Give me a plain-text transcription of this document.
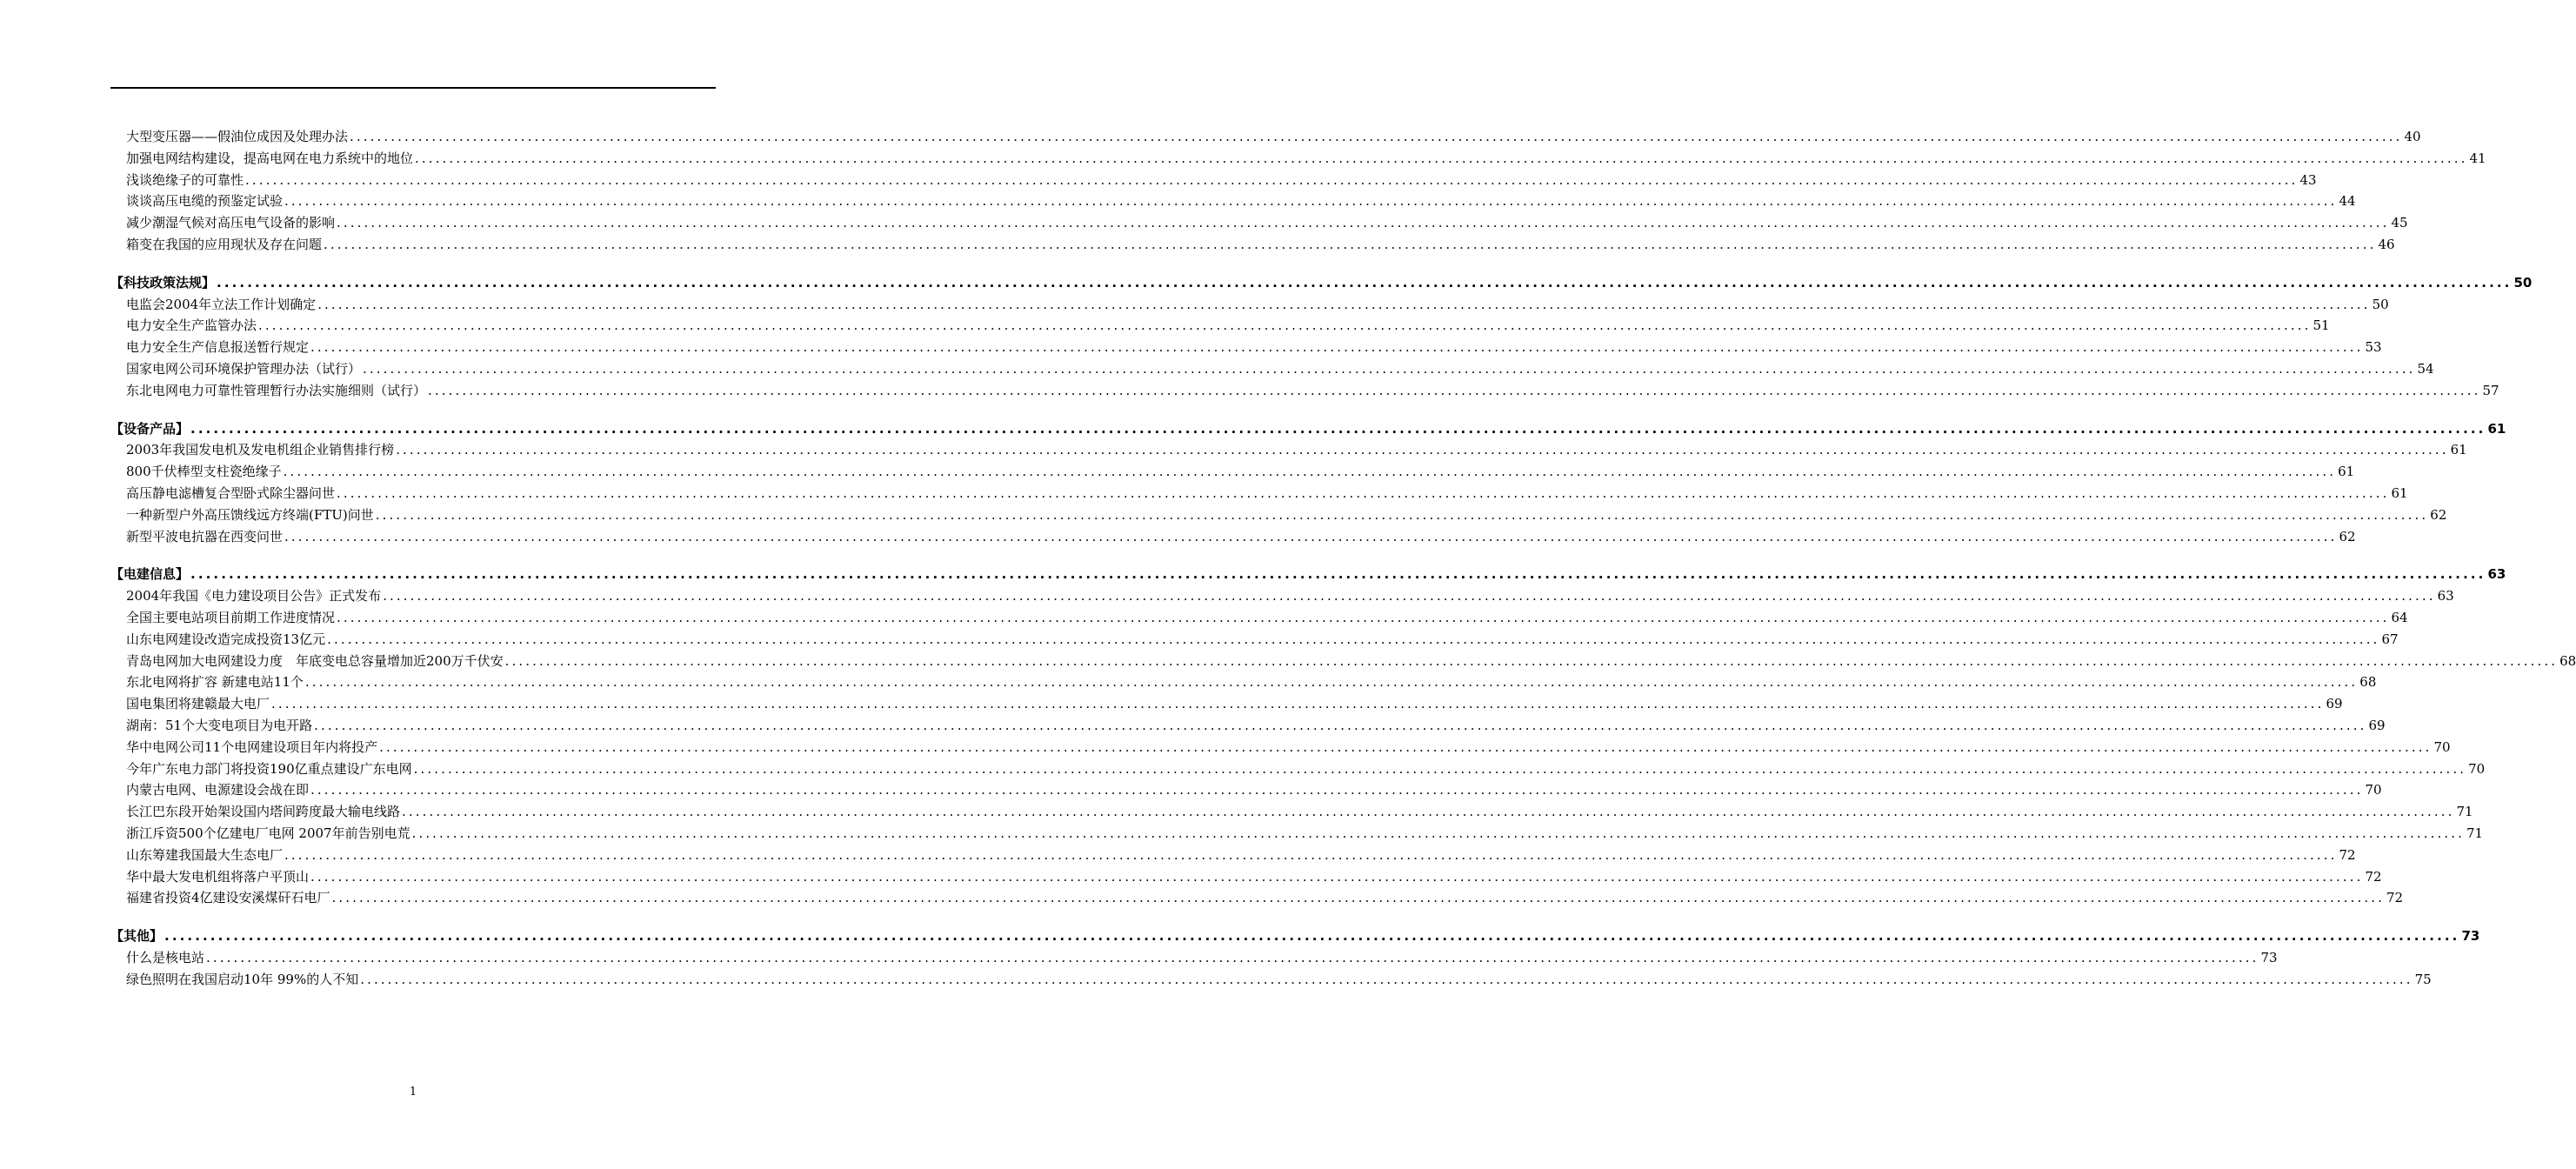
大型变压器——假油位成因及处理办法 ............................................................................................................................................................................................................................................................................................................ 40
加强电网结构建设，提高电网在电力系统中的地位 ............................................................................................................................................................................................................................................................................................................ 41
浅谈绝缘子的可靠性 ............................................................................................................................................................................................................................................................................................................ 43
谈谈高压电缆的预鉴定试验 ............................................................................................................................................................................................................................................................................................................ 44
减少潮湿气候对高压电气设备的影响 ............................................................................................................................................................................................................................................................................................................ 45
箱变在我国的应用现状及存在问题 ............................................................................................................................................................................................................................................................................................................ 46
【科技政策法规】 ............................................................................................................................................................................................................................................................................................................ 50
电监会2004年立法工作计划确定 ............................................................................................................................................................................................................................................................................................................ 50
电力安全生产监管办法 ............................................................................................................................................................................................................................................................................................................ 51
电力安全生产信息报送暂行规定 ............................................................................................................................................................................................................................................................................................................ 53
国家电网公司环境保护管理办法（试行） ............................................................................................................................................................................................................................................................................................................ 54
东北电网电力可靠性管理暂行办法实施细则（试行） ............................................................................................................................................................................................................................................................................................................ 57
【设备产品】 ............................................................................................................................................................................................................................................................................................................ 61
2003年我国发电机及发电机组企业销售排行榜 ............................................................................................................................................................................................................................................................................................................ 61
800千伏棒型支柱瓷绝缘子 ............................................................................................................................................................................................................................................................................................................ 61
高压静电滤槽复合型卧式除尘器问世 ............................................................................................................................................................................................................................................................................................................ 61
一种新型户外高压馈线远方终端(FTU)问世 ............................................................................................................................................................................................................................................................................................................ 62
新型平波电抗器在西变问世 ............................................................................................................................................................................................................................................................................................................ 62
【电建信息】 ............................................................................................................................................................................................................................................................................................................ 63
2004年我国《电力建设项目公告》正式发布 ............................................................................................................................................................................................................................................................................................................ 63
全国主要电站项目前期工作进度情况 ............................................................................................................................................................................................................................................................................................................ 64
山东电网建设改造完成投资13亿元 ............................................................................................................................................................................................................................................................................................................ 67
青岛电网加大电网建设力度　年底变电总容量增加近200万千伏安 ............................................................................................................................................................................................................................................................................................................ 68
东北电网将扩容 新建电站11个 ............................................................................................................................................................................................................................................................................................................ 68
国电集团将建赣最大电厂 ............................................................................................................................................................................................................................................................................................................ 69
湖南：51个大变电项目为电开路 ............................................................................................................................................................................................................................................................................................................ 69
华中电网公司11个电网建设项目年内将投产 ............................................................................................................................................................................................................................................................................................................ 70
今年广东电力部门将投资190亿重点建设广东电网 ............................................................................................................................................................................................................................................................................................................ 70
内蒙古电网、电源建设会战在即 ............................................................................................................................................................................................................................................................................................................ 70
长江巴东段开始架设国内塔间跨度最大输电线路 ............................................................................................................................................................................................................................................................................................................ 71
浙江斥资500个亿建电厂电网 2007年前告别电荒 ............................................................................................................................................................................................................................................................................................................ 71
山东筹建我国最大生态电厂 ............................................................................................................................................................................................................................................................................................................ 72
华中最大发电机组将落户平顶山 ............................................................................................................................................................................................................................................................................................................ 72
福建省投资4亿建设安溪煤矸石电厂 ............................................................................................................................................................................................................................................................................................................ 72
【其他】 ............................................................................................................................................................................................................................................................................................................ 73
什么是核电站 ............................................................................................................................................................................................................................................................................................................ 73
绿色照明在我国启动10年 99%的人不知 ............................................................................................................................................................................................................................................................................................................ 75
1
